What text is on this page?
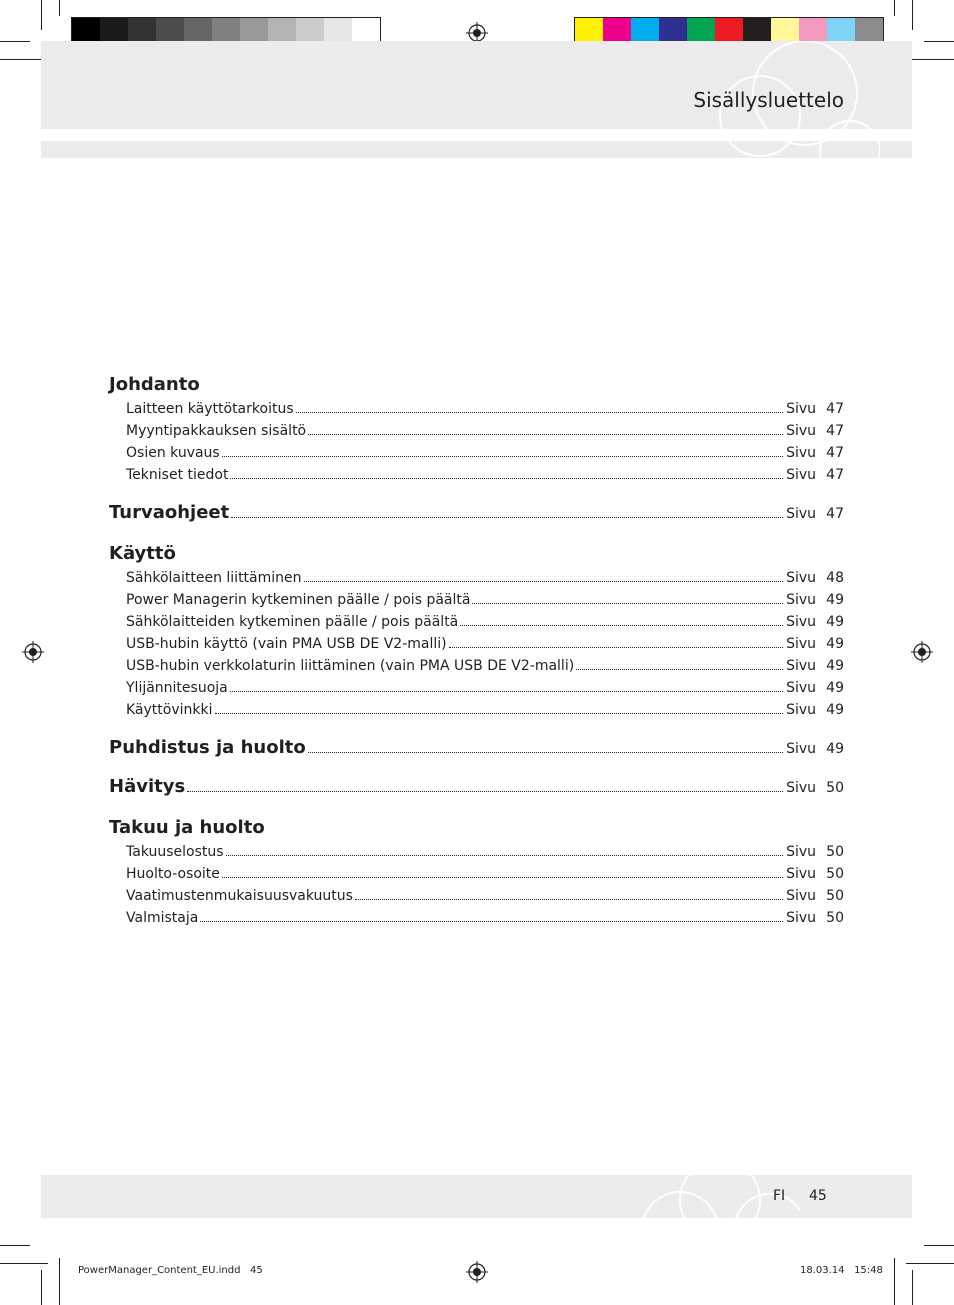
Sisällysluettelo
Johdanto
Laitteen käyttötarkoitus	Sivu 47
Myyntipakkauksen sisältö	Sivu 47
Osien kuvaus	Sivu 47
Tekniset tiedot	Sivu 47
Turvaohjeet	Sivu 47
Käyttö
Sähkölaitteen liittäminen	Sivu 48
Power Managerin kytkeminen päälle / pois päältä	Sivu 49
Sähkölaitteiden kytkeminen päälle / pois päältä	Sivu 49
USB-hubin käyttö (vain PMA USB DE V2-malli)	Sivu 49
USB-hubin verkkolaturin liittäminen (vain PMA USB DE V2-malli)	Sivu 49
Ylijännitesuoja	Sivu 49
Käyttövinkki	Sivu 49
Puhdistus ja huolto	Sivu 49
Hävitys	Sivu 50
Takuu ja huolto
Takuuselostus	Sivu 50
Huolto-osoite	Sivu 50
Vaatimustenmukaisuusvakuutus	Sivu 50
Valmistaja	Sivu 50
FI 45
PowerManager_Content_EU.indd   45	18.03.14   15:48
